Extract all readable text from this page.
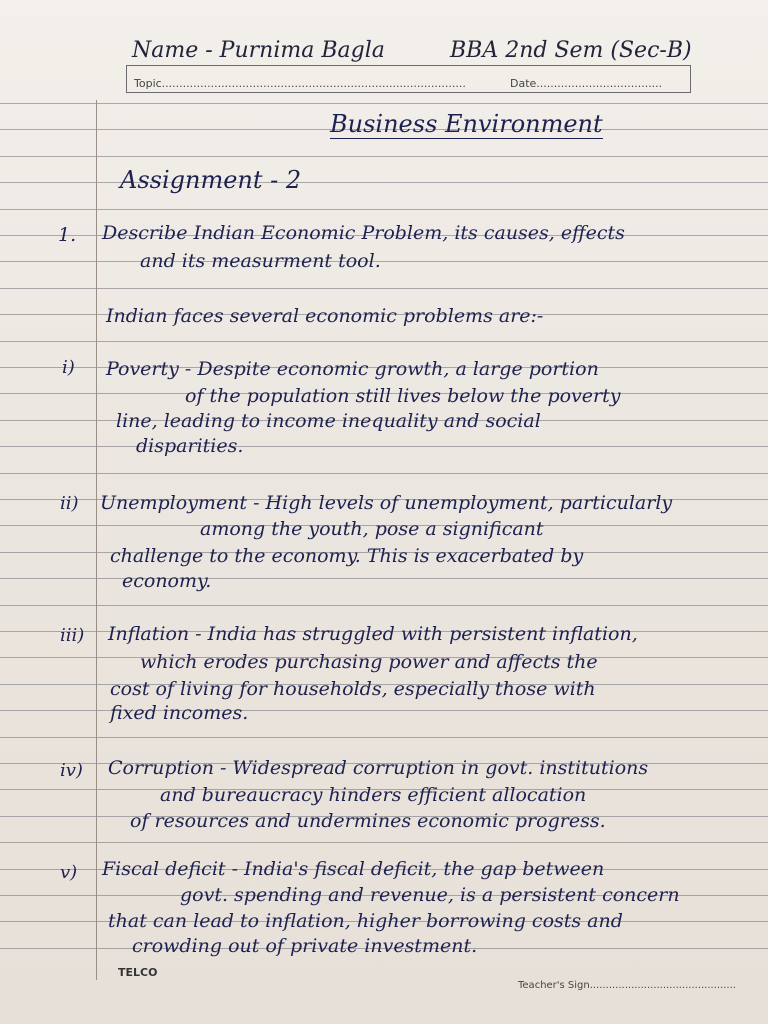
Name - Purnima Bagla	BBA 2nd Sem (Sec-B)
Topic.......................................................................................	Date....................................
Business Environment
Assignment - 2
1. Describe Indian Economic Problem, its causes, effects
and its measurment tool.
Indian faces several economic problems are:-
i) Poverty - Despite economic growth, a large portion
of the population still lives below the poverty
line, leading to income inequality and social
disparities.
ii) Unemployment - High levels of unemployment, particularly
among the youth, pose a significant
challenge to the economy. This is exacerbated by
economy.
iii) Inflation - India has struggled with persistent inflation,
which erodes purchasing power and affects the
cost of living for households, especially those with
fixed incomes.
iv) Corruption - Widespread corruption in govt. institutions
and bureaucracy hinders efficient allocation
of resources and undermines economic progress.
v) Fiscal deficit - India's fiscal deficit, the gap between
govt. spending and revenue, is a persistent concern
that can lead to inflation, higher borrowing costs and
crowding out of private investment.
TELCO
Teacher's Sign..............................................
